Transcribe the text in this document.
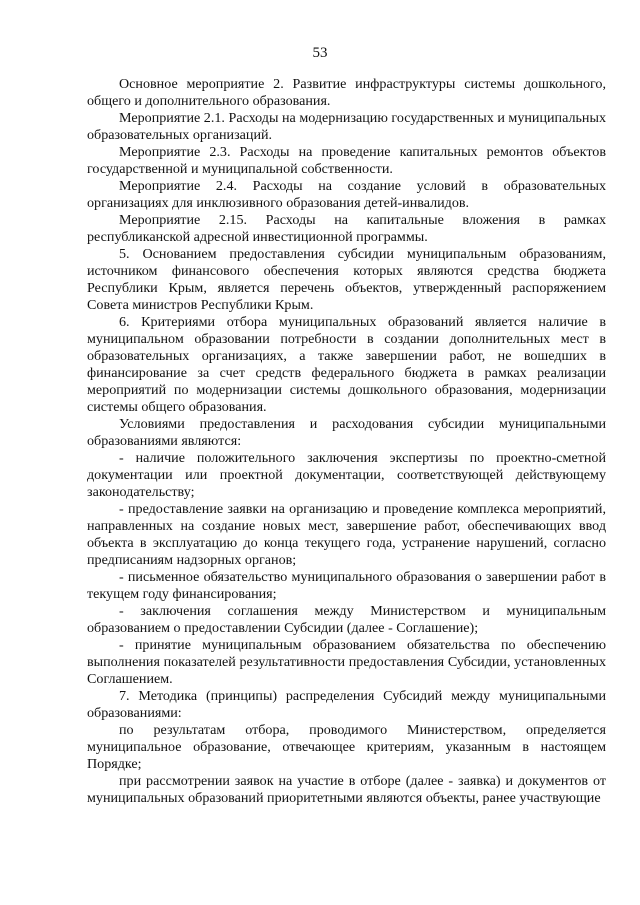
53

Основное мероприятие 2. Развитие инфраструктуры системы дошкольного, общего и дополнительного образования.

Мероприятие 2.1. Расходы на модернизацию государственных и муниципальных образовательных организаций.

Мероприятие 2.3. Расходы на проведение капитальных ремонтов объектов государственной и муниципальной собственности.

Мероприятие 2.4. Расходы на создание условий в образовательных организациях для инклюзивного образования детей-инвалидов.

Мероприятие 2.15. Расходы на капитальные вложения в рамках республиканской адресной инвестиционной программы.

5. Основанием предоставления субсидии муниципальным образованиям, источником финансового обеспечения которых являются средства бюджета Республики Крым, является перечень объектов, утвержденный распоряжением Совета министров Республики Крым.

6. Критериями отбора муниципальных образований является наличие в муниципальном образовании потребности в создании дополнительных мест в образовательных организациях, а также завершении работ, не вошедших в финансирование за счет средств федерального бюджета в рамках реализации мероприятий по модернизации системы дошкольного образования, модернизации системы общего образования.

Условиями предоставления и расходования субсидии муниципальными образованиями являются:

- наличие положительного заключения экспертизы по проектно-сметной документации или проектной документации, соответствующей действующему законодательству;

- предоставление заявки на организацию и проведение комплекса мероприятий, направленных на создание новых мест, завершение работ, обеспечивающих ввод объекта в эксплуатацию до конца текущего года, устранение нарушений, согласно предписаниям надзорных органов;

- письменное обязательство муниципального образования о завершении работ в текущем году финансирования;

- заключения соглашения между Министерством и муниципальным образованием о предоставлении Субсидии (далее - Соглашение);

- принятие муниципальным образованием обязательства по обеспечению выполнения показателей результативности предоставления Субсидии, установленных Соглашением.

7. Методика (принципы) распределения Субсидий между муниципальными образованиями:

по результатам отбора, проводимого Министерством, определяется муниципальное образование, отвечающее критериям, указанным в настоящем Порядке;

при рассмотрении заявок на участие в отборе (далее - заявка) и документов от муниципальных образований приоритетными являются объекты, ранее участвующие
